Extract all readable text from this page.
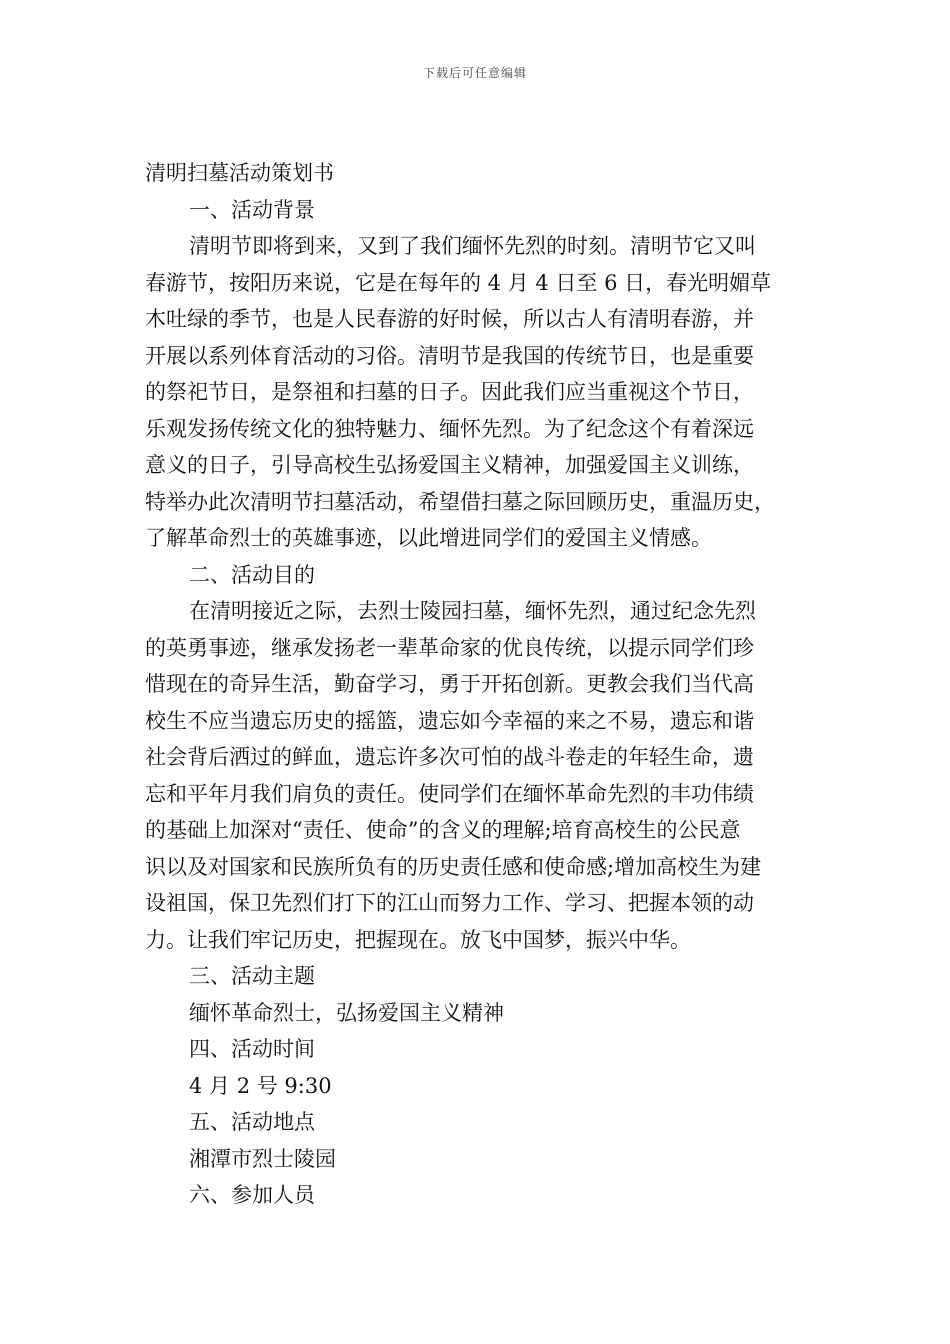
下载后可任意编辑
清明扫墓活动策划书
一、活动背景
清明节即将到来，又到了我们缅怀先烈的时刻。清明节它又叫
春游节，按阳历来说，它是在每年的 4 月 4 日至 6 日，春光明媚草
木吐绿的季节，也是人民春游的好时候，所以古人有清明春游，并
开展以系列体育活动的习俗。清明节是我国的传统节日，也是重要
的祭祀节日，是祭祖和扫墓的日子。因此我们应当重视这个节日，
乐观发扬传统文化的独特魅力、缅怀先烈。为了纪念这个有着深远
意义的日子，引导高校生弘扬爱国主义精神，加强爱国主义训练，
特举办此次清明节扫墓活动，希望借扫墓之际回顾历史，重温历史，
了解革命烈士的英雄事迹，以此增进同学们的爱国主义情感。
二、活动目的
在清明接近之际，去烈士陵园扫墓，缅怀先烈，通过纪念先烈
的英勇事迹，继承发扬老一辈革命家的优良传统，以提示同学们珍
惜现在的奇异生活，勤奋学习，勇于开拓创新。更教会我们当代高
校生不应当遗忘历史的摇篮，遗忘如今幸福的来之不易，遗忘和谐
社会背后洒过的鲜血，遗忘许多次可怕的战斗卷走的年轻生命，遗
忘和平年月我们肩负的责任。使同学们在缅怀革命先烈的丰功伟绩
的基础上加深对“责任、使命”的含义的理解;培育高校生的公民意
识以及对国家和民族所负有的历史责任感和使命感;增加高校生为建
设祖国，保卫先烈们打下的江山而努力工作、学习、把握本领的动
力。让我们牢记历史，把握现在。放飞中国梦，振兴中华。
三、活动主题
缅怀革命烈士，弘扬爱国主义精神
四、活动时间
4 月 2 号 9:30
五、活动地点
湘潭市烈士陵园
六、参加人员
